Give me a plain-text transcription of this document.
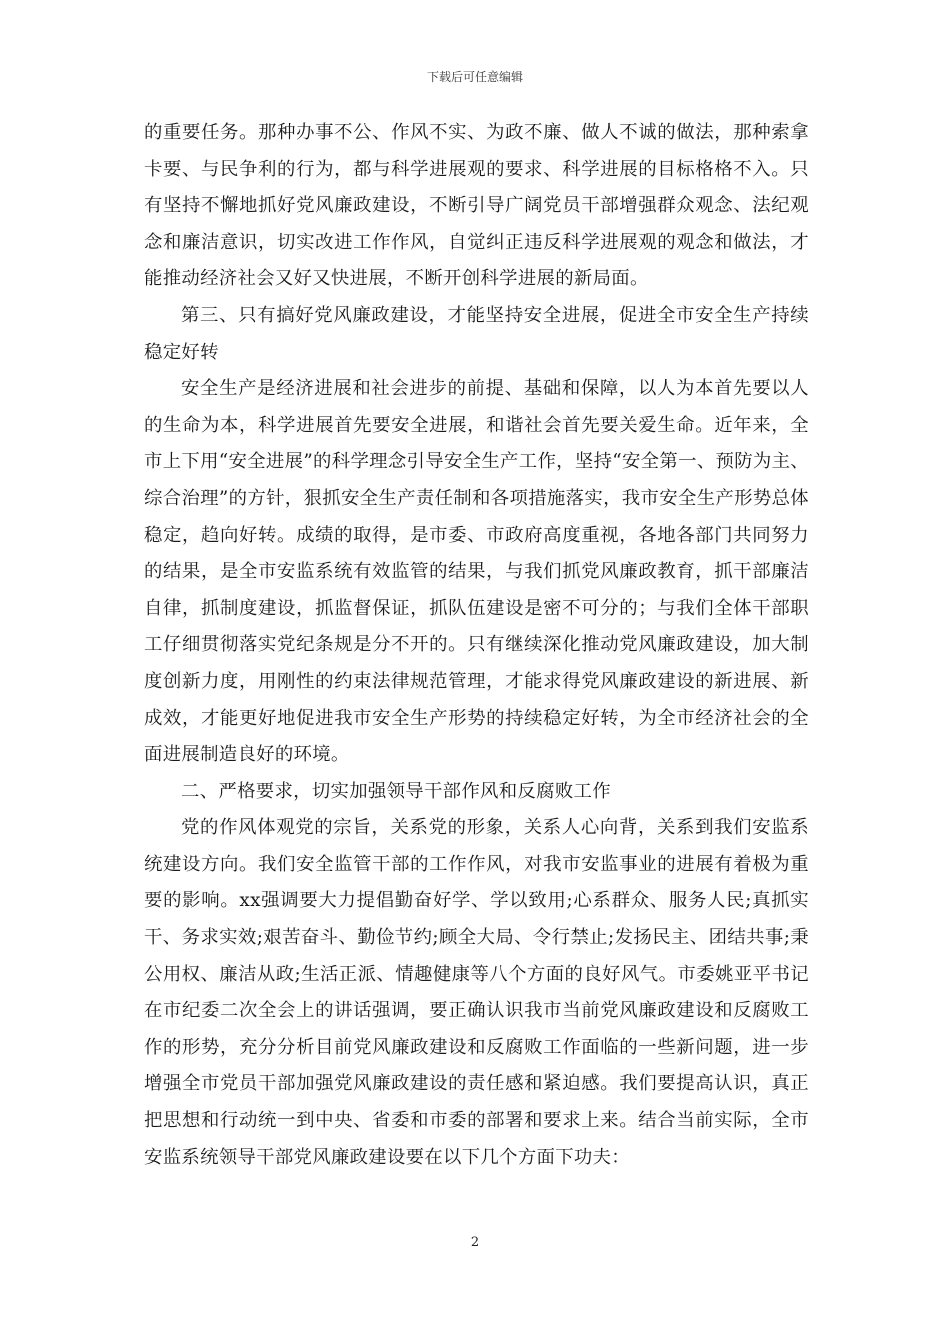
下载后可任意编辑

的重要任务。那种办事不公、作风不实、为政不廉、做人不诚的做法，那种索拿卡要、与民争利的行为，都与科学进展观的要求、科学进展的目标格格不入。只有坚持不懈地抓好党风廉政建设，不断引导广阔党员干部增强群众观念、法纪观念和廉洁意识，切实改进工作作风，自觉纠正违反科学进展观的观念和做法，才能推动经济社会又好又快进展，不断开创科学进展的新局面。

第三、只有搞好党风廉政建设，才能坚持安全进展，促进全市安全生产持续稳定好转

安全生产是经济进展和社会进步的前提、基础和保障，以人为本首先要以人的生命为本，科学进展首先要安全进展，和谐社会首先要关爱生命。近年来，全市上下用“安全进展”的科学理念引导安全生产工作，坚持“安全第一、预防为主、综合治理”的方针，狠抓安全生产责任制和各项措施落实，我市安全生产形势总体稳定，趋向好转。成绩的取得，是市委、市政府高度重视，各地各部门共同努力的结果，是全市安监系统有效监管的结果，与我们抓党风廉政教育，抓干部廉洁自律，抓制度建设，抓监督保证，抓队伍建设是密不可分的；与我们全体干部职工仔细贯彻落实党纪条规是分不开的。只有继续深化推动党风廉政建设，加大制度创新力度，用刚性的约束法律规范管理，才能求得党风廉政建设的新进展、新成效，才能更好地促进我市安全生产形势的持续稳定好转，为全市经济社会的全面进展制造良好的环境。

二、严格要求，切实加强领导干部作风和反腐败工作

党的作风体观党的宗旨，关系党的形象，关系人心向背，关系到我们安监系统建设方向。我们安全监管干部的工作作风，对我市安监事业的进展有着极为重要的影响。xx强调要大力提倡勤奋好学、学以致用;心系群众、服务人民;真抓实干、务求实效;艰苦奋斗、勤俭节约;顾全大局、令行禁止;发扬民主、团结共事;秉公用权、廉洁从政;生活正派、情趣健康等八个方面的良好风气。市委姚亚平书记在市纪委二次全会上的讲话强调，要正确认识我市当前党风廉政建设和反腐败工作的形势，充分分析目前党风廉政建设和反腐败工作面临的一些新问题，进一步增强全市党员干部加强党风廉政建设的责任感和紧迫感。我们要提高认识，真正把思想和行动统一到中央、省委和市委的部署和要求上来。结合当前实际，全市安监系统领导干部党风廉政建设要在以下几个方面下功夫：

2
